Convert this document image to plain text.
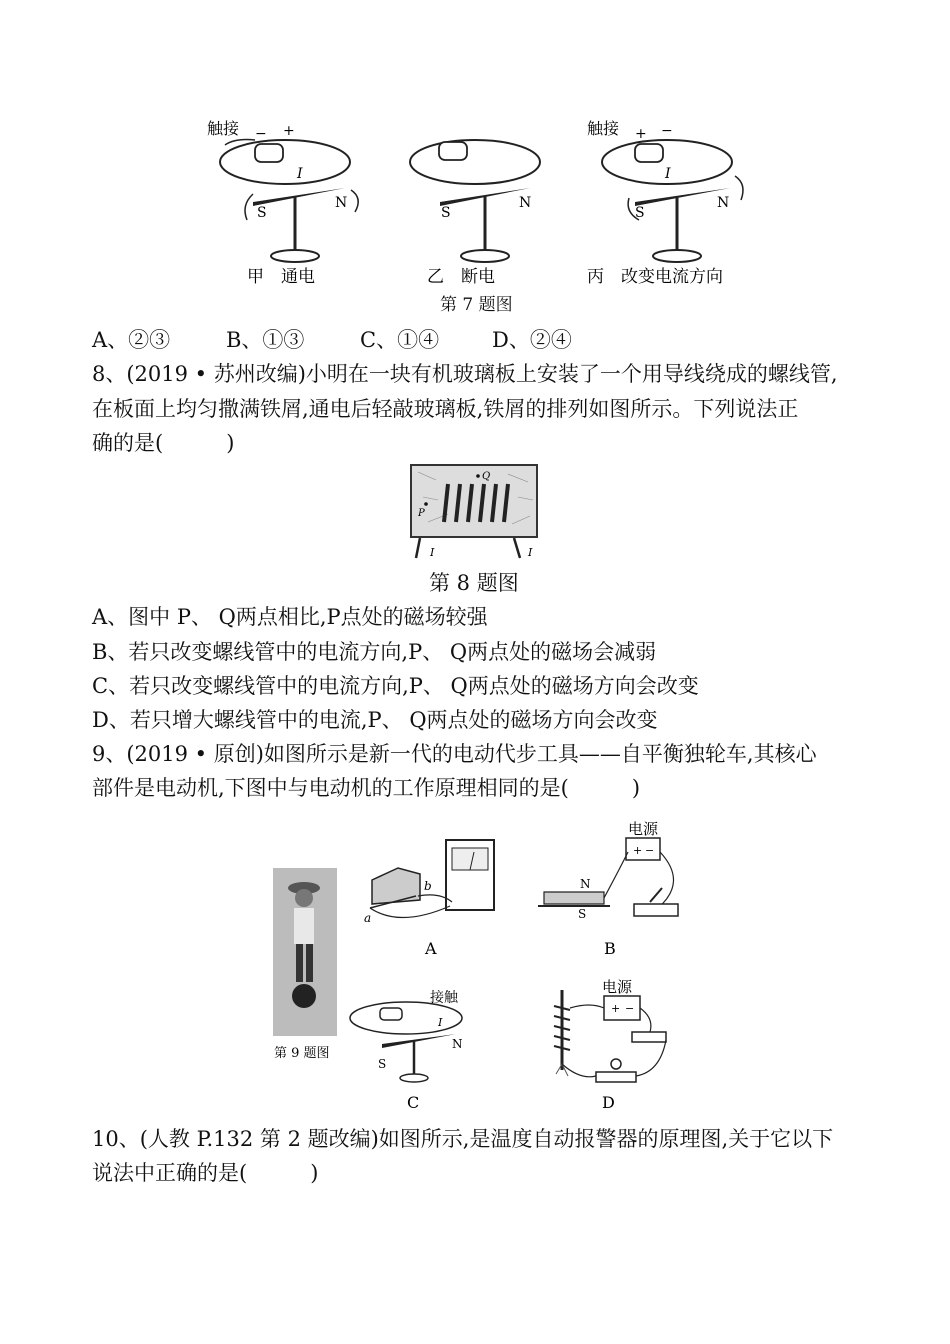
触接 − +
I
S
N
甲　通电
S
N
乙　断电
触接 + −
I
S
N
丙　改变电流方向
第 7 题图
A、②③	B、①③	C、①④	D、②④
8、(2019 • 苏州改编)小明在一块有机玻璃板上安装了一个用导线绕成的螺线管,
在板面上均匀撒满铁屑,通电后轻敲玻璃板,铁屑的排列如图所示。下列说法正
确的是(　　　)
Q
P
I	I
第 8 题图
A、图中 P、 Q两点相比,P点处的磁场较强
B、若只改变螺线管中的电流方向,P、 Q两点处的磁场会减弱
C、若只改变螺线管中的电流方向,P、 Q两点处的磁场方向会改变
D、若只增大螺线管中的电流,P、 Q两点处的磁场方向会改变
9、(2019 • 原创)如图所示是新一代的电动代步工具——自平衡独轮车,其核心
部件是电动机,下图中与电动机的工作原理相同的是(　　　)
第 9 题图
a
b
A
电源
+ −
N
S
B
接触
I
S
N
C
电源
+ −
D
10、(人教 P.132 第 2 题改编)如图所示,是温度自动报警器的原理图,关于它以下
说法中正确的是(　　　)
